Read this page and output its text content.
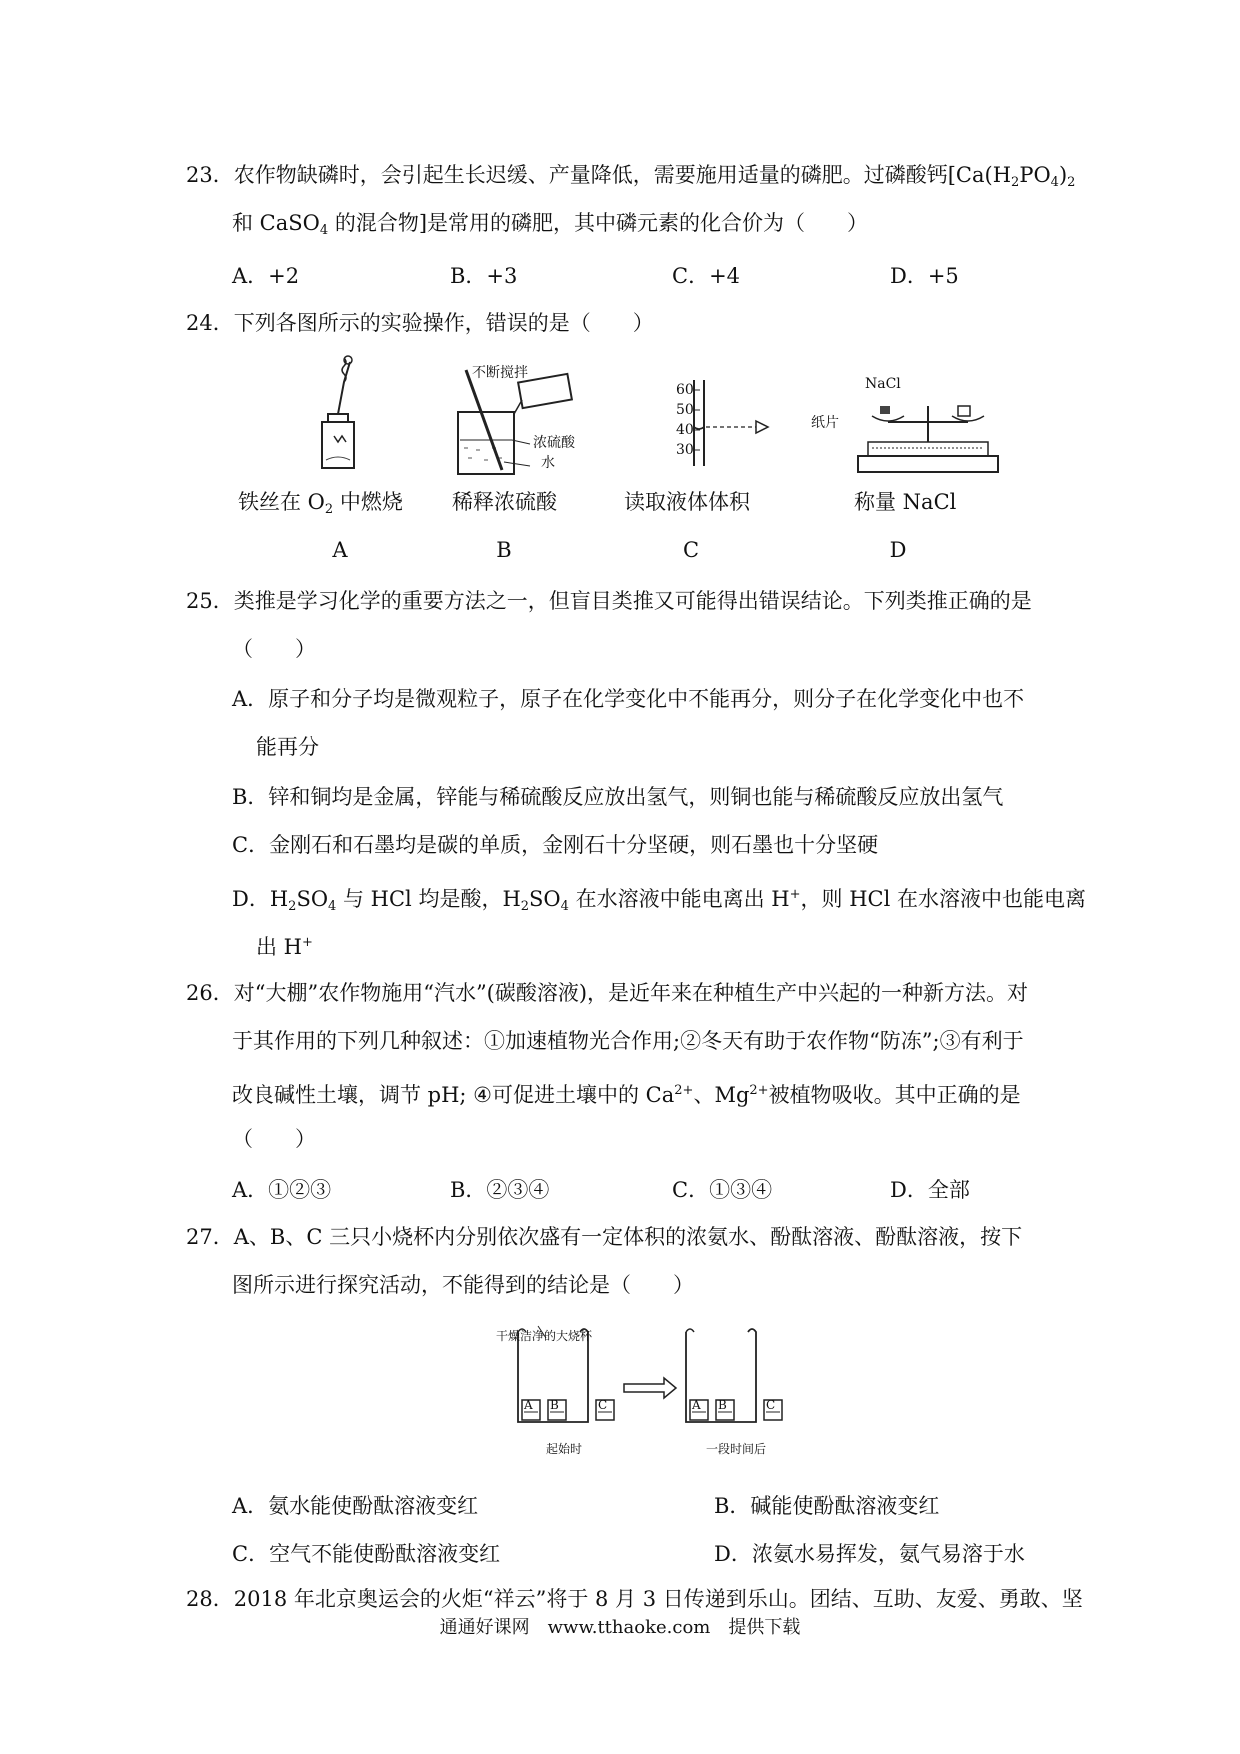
23．农作物缺磷时，会引起生长迟缓、产量降低，需要施用适量的磷肥。过磷酸钙[$Ca(H_2PO_4)_2$
和 CaSO$_4$ 的混合物]是常用的磷肥，其中磷元素的化合价为（　　）
A．+2	B．+3	C．+4	D．+5
24．下列各图所示的实验操作，错误的是（　　）
不断搅拌
浓硫酸
水
60
50
40
30
NaCl
纸片
铁丝在 $O_2$ 中燃烧 稀释浓硫酸	读取液体体积	称量 NaCl
A	B	C	D
25．类推是学习化学的重要方法之一，但盲目类推又可能得出错误结论。下列类推正确的是
（　　）
A．原子和分子均是微观粒子，原子在化学变化中不能再分，则分子在化学变化中也不
能再分
B．锌和铜均是金属，锌能与稀硫酸反应放出氢气，则铜也能与稀硫酸反应放出氢气
C．金刚石和石墨均是碳的单质，金刚石十分坚硬，则石墨也十分坚硬
D．$H_2SO_4$ 与 HCl 均是酸，$H_2SO_4$ 在水溶液中能电离出 H+，则 HCl 在水溶液中也能电离
出 H+
26．对“大棚”农作物施用“汽水”(碳酸溶液)，是近年来在种植生产中兴起的一种新方法。对
于其作用的下列几种叙述：①加速植物光合作用;②冬天有助于农作物“防冻”;③有利于
改良碱性土壤，调节 pH; ④可促进土壤中的 $Ca^{2+}$、$Mg^{2+}$被植物吸收。其中正确的是
（　　）
A．①②③	B．②③④	C．①③④	D．全部
27．A、B、C 三只小烧杯内分别依次盛有一定体积的浓氨水、酚酞溶液、酚酞溶液，按下
图所示进行探究活动，不能得到的结论是（　　）
干燥洁净的大烧杯
A B	C	A B	C
起始时	一段时间后
A．氨水能使酚酞溶液变红	B．碱能使酚酞溶液变红
C．空气不能使酚酞溶液变红	D．浓氨水易挥发，氨气易溶于水
28．2018 年北京奥运会的火炬“祥云”将于 8 月 3 日传递到乐山。团结、互助、友爱、勇敢、坚
通通好课网　www.tthaoke.com　提供下载
